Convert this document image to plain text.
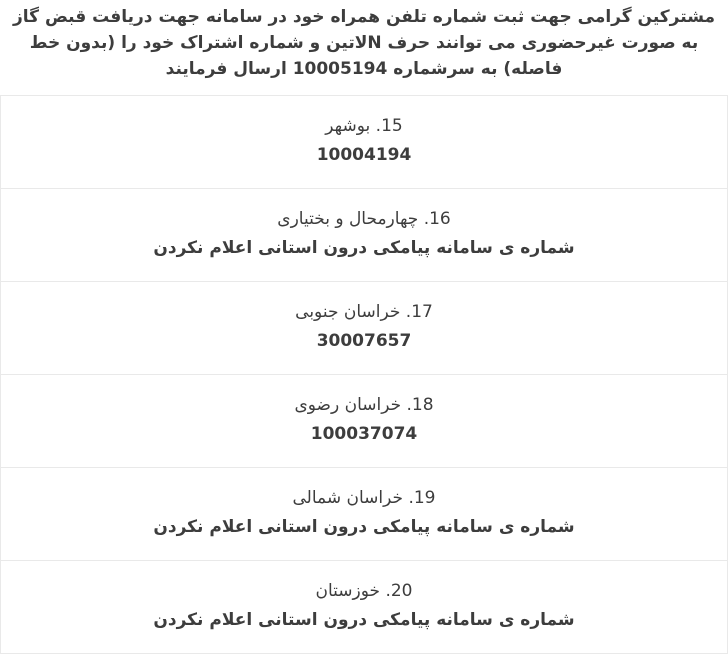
مشترکین گرامی جهت ثبت شماره تلفن همراه خود در سامانه جهت دریافت قبض گاز به صورت غیرحضوری می توانند حرف Nلاتین و شماره اشتراک خود را (بدون خط فاصله) به سرشماره 10005194 ارسال فرمایند
15. بوشهر
10004194
16. چهارمحال و بختیاری
شماره ی سامانه پیامکی درون استانی اعلام نکردن
17. خراسان جنوبی
30007657
18. خراسان رضوی
100037074
19. خراسان شمالی
شماره ی سامانه پیامکی درون استانی اعلام نکردن
20. خوزستان
شماره ی سامانه پیامکی درون استانی اعلام نکردن
